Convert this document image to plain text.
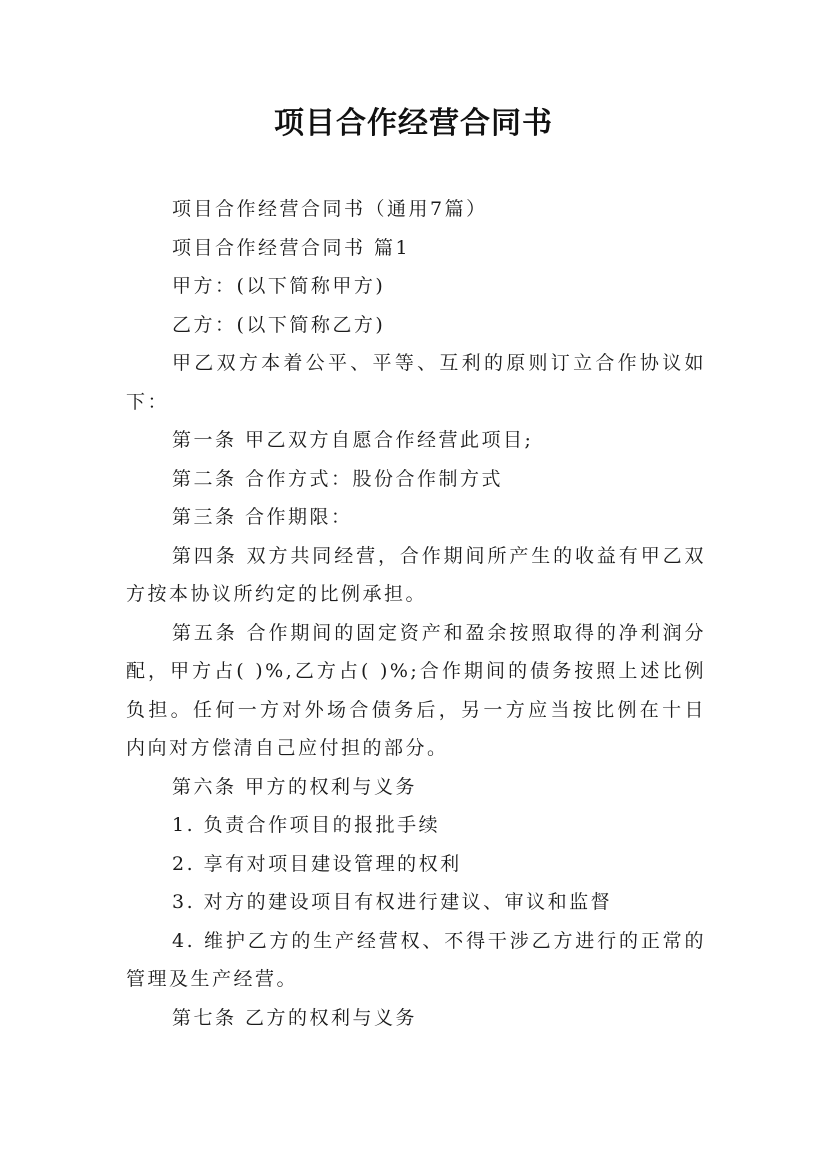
项目合作经营合同书

项目合作经营合同书（通用7篇）

项目合作经营合同书 篇1

甲方：(以下简称甲方)

乙方：(以下简称乙方)

甲乙双方本着公平、平等、互利的原则订立合作协议如下：

第一条 甲乙双方自愿合作经营此项目;

第二条 合作方式：股份合作制方式

第三条 合作期限：

第四条 双方共同经营，合作期间所产生的收益有甲乙双方按本协议所约定的比例承担。

第五条 合作期间的固定资产和盈余按照取得的净利润分配，甲方占( )%,乙方占( )%;合作期间的债务按照上述比例负担。任何一方对外场合债务后，另一方应当按比例在十日内向对方偿清自己应付担的部分。

第六条 甲方的权利与义务

1. 负责合作项目的报批手续

2. 享有对项目建设管理的权利

3. 对方的建设项目有权进行建议、审议和监督

4. 维护乙方的生产经营权、不得干涉乙方进行的正常的管理及生产经营。

第七条 乙方的权利与义务
